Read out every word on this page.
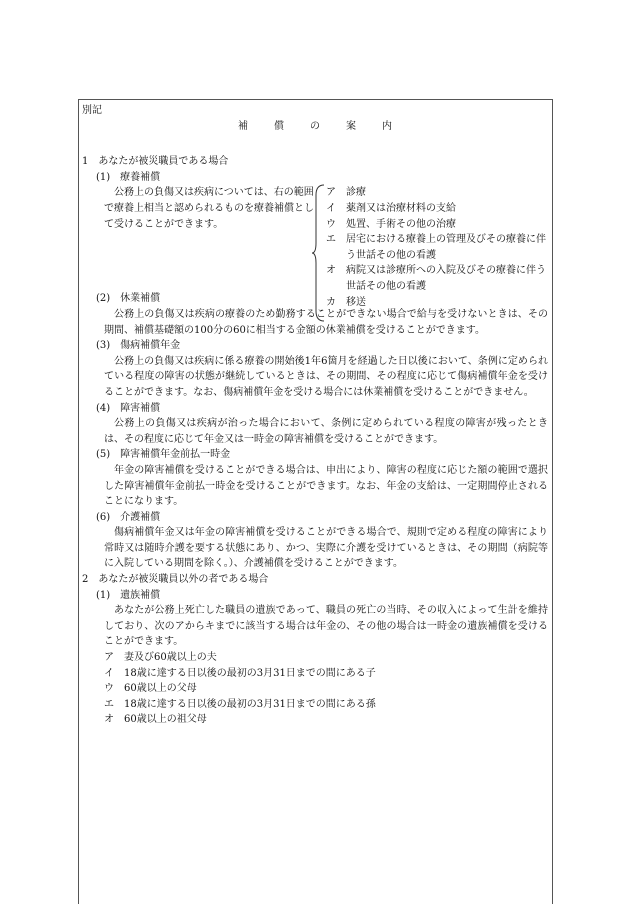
別記
補	償	の	案	内
1　あなたが被災職員である場合
(1)　療養補償
公務上の負傷又は疾病については、右の範囲で療養上相当と認められるものを療養補償として受けることができます。
ア　診療
イ　薬剤又は治療材料の支給
ウ　処置、手術その他の治療
エ　居宅における療養上の管理及びその療養に伴う世話その他の看護
オ　病院又は診療所への入院及びその療養に伴う世話その他の看護
カ　移送
(2)　休業補償
公務上の負傷又は疾病の療養のため勤務することができない場合で給与を受けないときは、その期間、補償基礎額の100分の60に相当する金額の休業補償を受けることができます。
(3)　傷病補償年金
公務上の負傷又は疾病に係る療養の開始後1年6箇月を経過した日以後において、条例に定められている程度の障害の状態が継続しているときは、その期間、その程度に応じて傷病補償年金を受けることができます。なお、傷病補償年金を受ける場合には休業補償を受けることができません。
(4)　障害補償
公務上の負傷又は疾病が治った場合において、条例に定められている程度の障害が残ったときは、その程度に応じて年金又は一時金の障害補償を受けることができます。
(5)　障害補償年金前払一時金
年金の障害補償を受けることができる場合は、申出により、障害の程度に応じた額の範囲で選択した障害補償年金前払一時金を受けることができます。なお、年金の支給は、一定期間停止されることになります。
(6)　介護補償
傷病補償年金又は年金の障害補償を受けることができる場合で、規則で定める程度の障害により常時又は随時介護を要する状態にあり、かつ、実際に介護を受けているときは、その期間（病院等に入院している期間を除く。）、介護補償を受けることができます。
2　あなたが被災職員以外の者である場合
(1)　遺族補償
あなたが公務上死亡した職員の遺族であって、職員の死亡の当時、その収入によって生計を維持しており、次のアからキまでに該当する場合は年金の、その他の場合は一時金の遺族補償を受けることができます。
ア　妻及び60歳以上の夫
イ　18歳に達する日以後の最初の3月31日までの間にある子
ウ　60歳以上の父母
エ　18歳に達する日以後の最初の3月31日までの間にある孫
オ　60歳以上の祖父母
